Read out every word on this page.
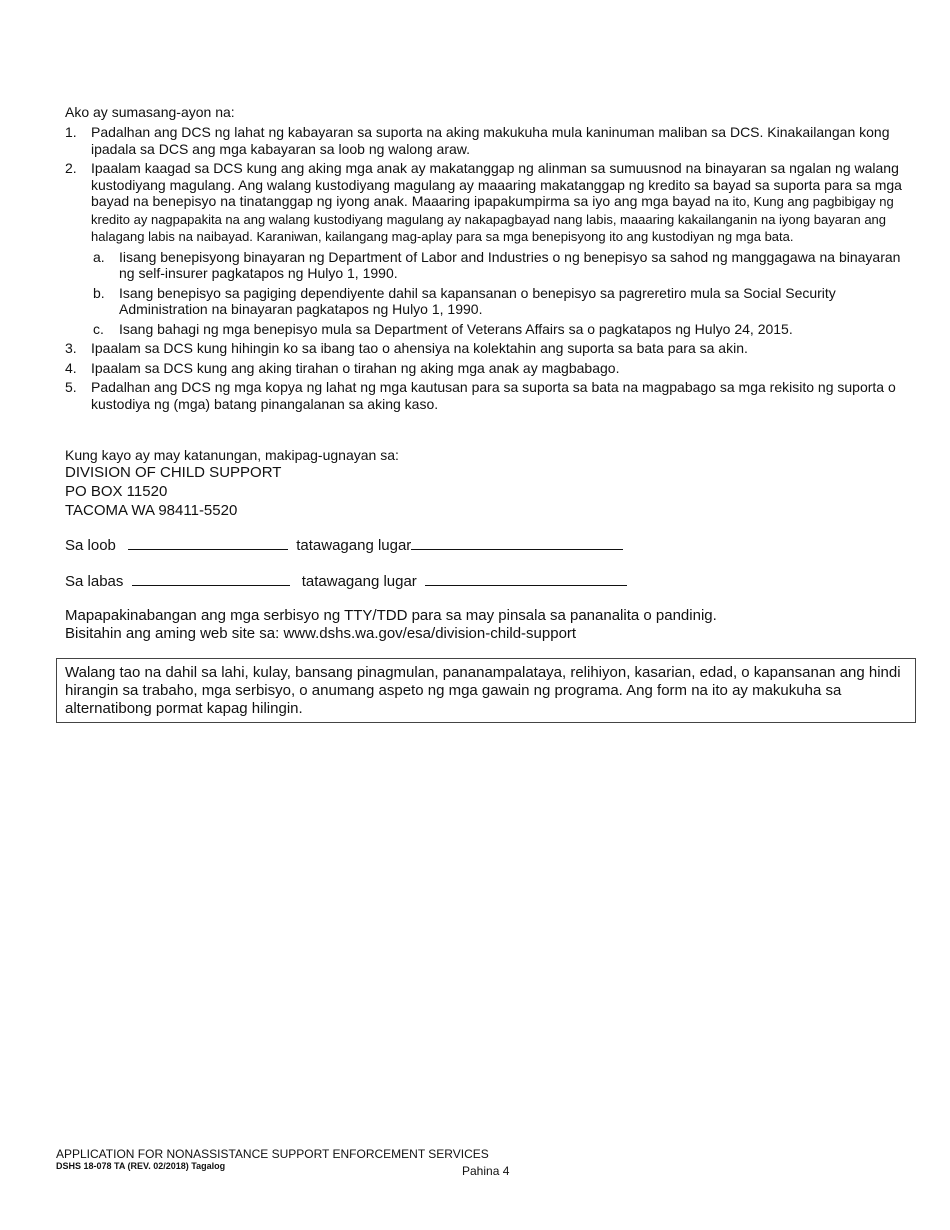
Ako ay sumasang-ayon na:
1.	Padalhan ang DCS ng lahat ng kabayaran sa suporta na aking makukuha mula kaninuman maliban sa DCS. Kinakailangan kong ipadala sa DCS ang mga kabayaran sa loob ng walong araw.
2.	Ipaalam kaagad sa DCS kung ang aking mga anak ay makatanggap ng alinman sa sumuusnod na binayaran sa ngalan ng walang kustodiyang magulang. Ang walang kustodiyang magulang ay maaaring makatanggap ng kredito sa bayad sa suporta para sa mga bayad na benepisyo na tinatanggap ng iyong anak. Maaaring ipapakumpirma sa iyo ang mga bayad na ito, Kung ang pagbibigay ng kredito ay nagpapakita na ang walang kustodiyang magulang ay nakapagbayad nang labis, maaaring kakailanganin na iyong bayaran ang halagang labis na naibayad. Karaniwan, kailangang mag-aplay para sa mga benepisyong ito ang kustodiyan ng mga bata.
a.	Iisang benepisyong binayaran ng Department of Labor and Industries o ng benepisyo sa sahod ng manggagawa na binayaran ng self-insurer pagkatapos ng Hulyo 1, 1990.
b.	Isang benepisyo sa pagiging dependiyente dahil sa kapansanan o benepisyo sa pagreretiro mula sa Social Security Administration na binayaran pagkatapos ng Hulyo 1, 1990.
c.	Isang bahagi ng mga benepisyo mula sa Department of Veterans Affairs sa o pagkatapos ng Hulyo 24, 2015.
3.	Ipaalam sa DCS kung hihingin ko sa ibang tao o ahensiya na kolektahin ang suporta sa bata para sa akin.
4.	Ipaalam sa DCS kung ang aking tirahan o tirahan ng aking mga anak ay magbabago.
5.	Padalhan ang DCS ng mga kopya ng lahat ng mga kautusan para sa suporta sa bata na magpabago sa mga rekisito ng suporta o kustodiya ng (mga) batang pinangalanan sa aking kaso.
Kung kayo ay may katanungan, makipag-ugnayan sa:
DIVISION OF CHILD SUPPORT
PO BOX 11520
TACOMA WA 98411-5520
Sa loob	tatawagang lugar
Sa labas	tatawagang lugar
Mapapakinabangan ang mga serbisyo ng TTY/TDD para sa may pinsala sa pananalita o pandinig.
Bisitahin ang aming web site sa: www.dshs.wa.gov/esa/division-child-support
Walang tao na dahil sa lahi, kulay, bansang pinagmulan, pananampalataya, relihiyon, kasarian, edad, o kapansanan ang hindi hirangin sa trabaho, mga serbisyo, o anumang aspeto ng mga gawain ng programa. Ang form na ito ay makukuha sa alternatibong pormat kapag hilingin.
APPLICATION FOR NONASSISTANCE SUPPORT ENFORCEMENT SERVICES
DSHS 18-078 TA (REV. 02/2018) Tagalog	Pahina 4
